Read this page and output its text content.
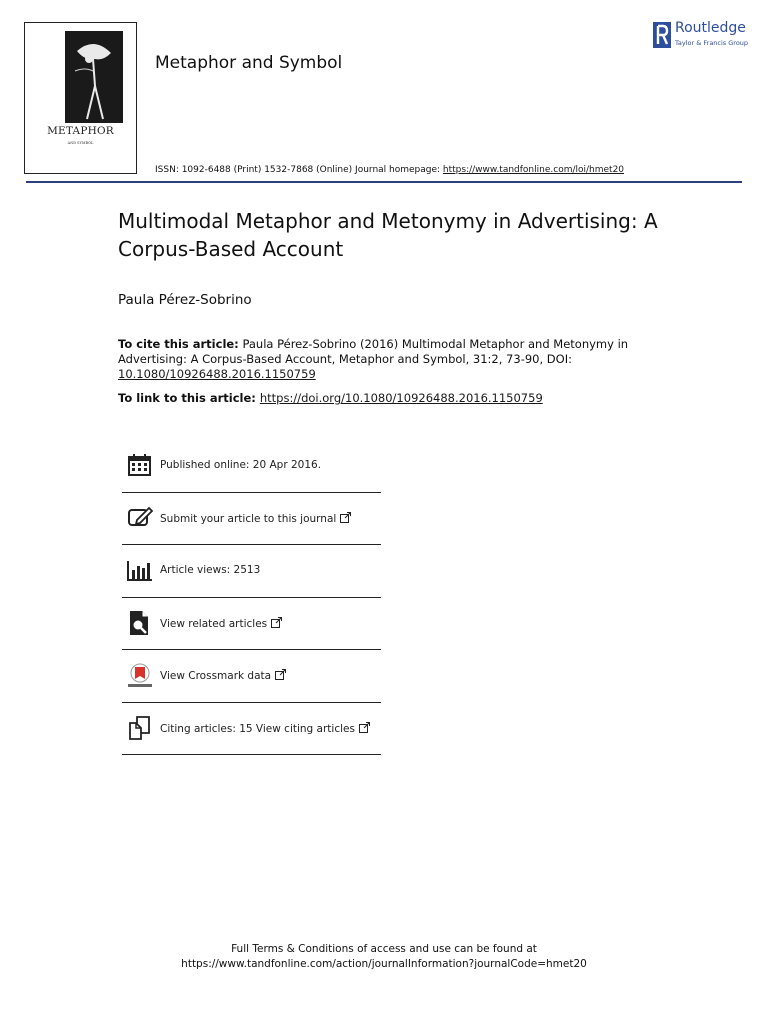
METAPHOR
AND SYMBOL
Metaphor and Symbol
Routledge
Taylor & Francis Group
ISSN: 1092-6488 (Print) 1532-7868 (Online) Journal homepage: https://www.tandfonline.com/loi/hmet20
Multimodal Metaphor and Metonymy in Advertising: A Corpus-Based Account
Paula Pérez-Sobrino
To cite this article: Paula Pérez-Sobrino (2016) Multimodal Metaphor and Metonymy in Advertising: A Corpus-Based Account, Metaphor and Symbol, 31:2, 73-90, DOI: 10.1080/10926488.2016.1150759
To link to this article: https://doi.org/10.1080/10926488.2016.1150759
Published online: 20 Apr 2016.
Submit your article to this journal
Article views: 2513
View related articles
View Crossmark data
Citing articles: 15 View citing articles
Full Terms & Conditions of access and use can be found at
https://www.tandfonline.com/action/journalInformation?journalCode=hmet20
